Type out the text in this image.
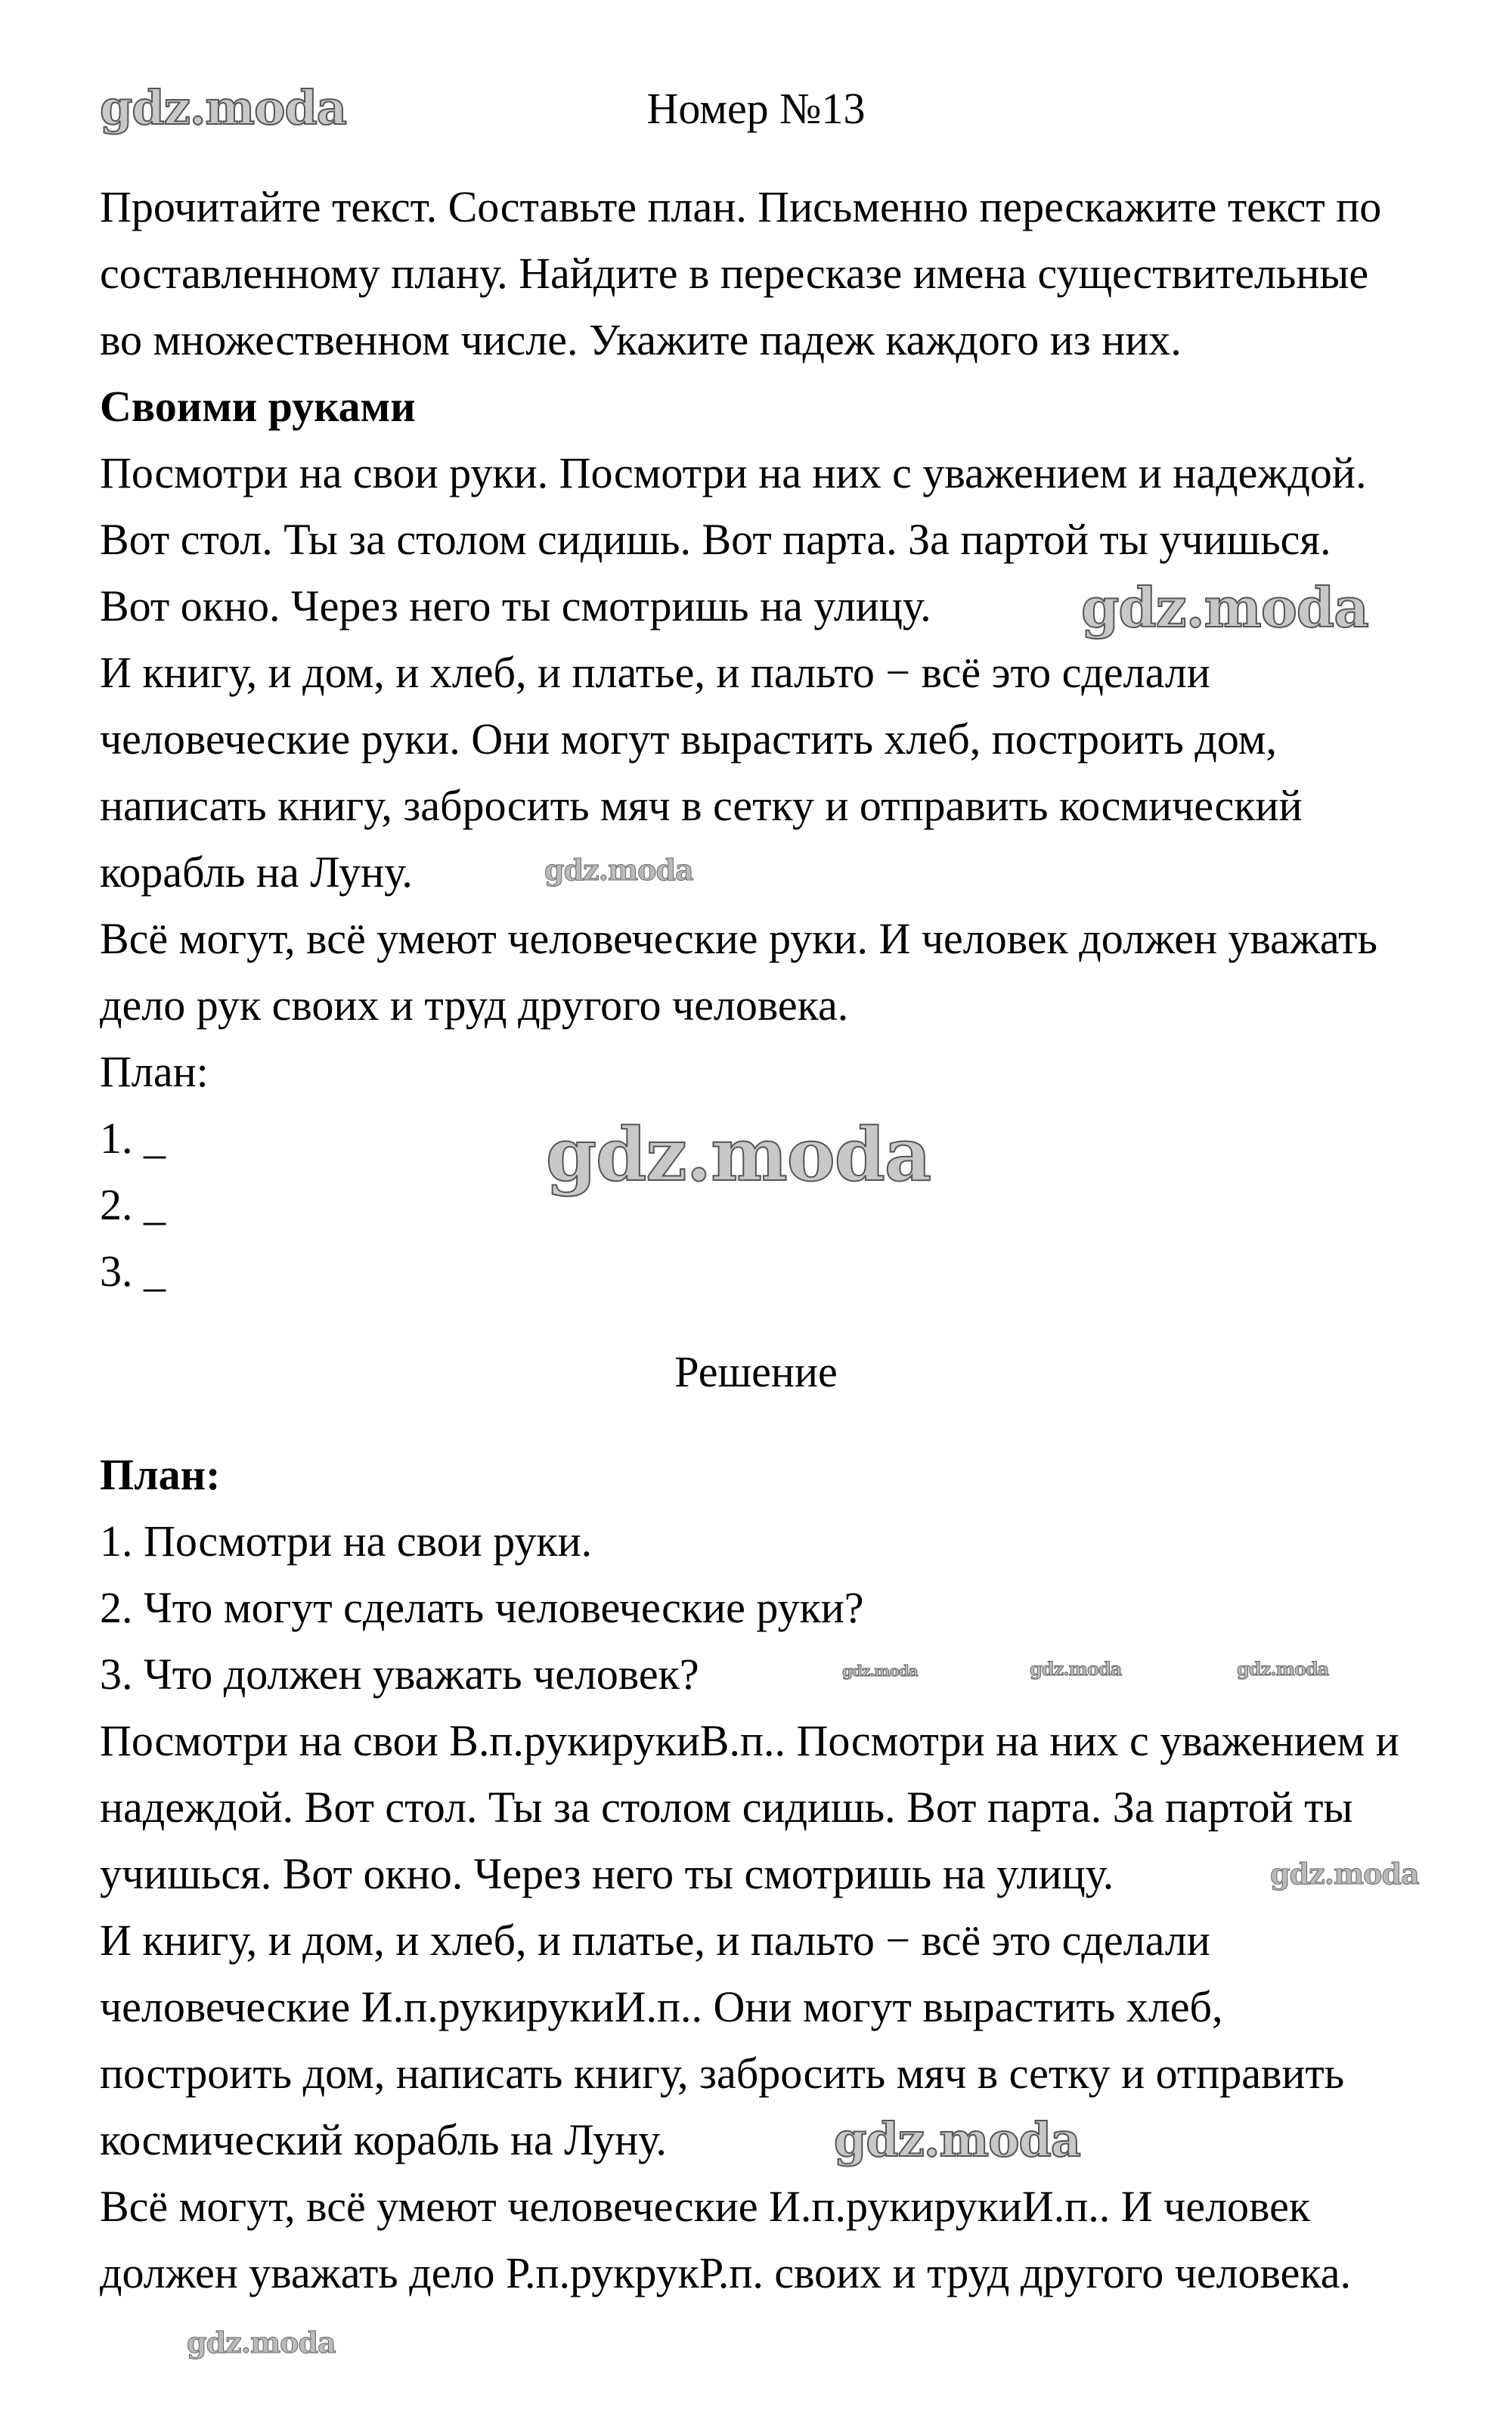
Номер №13
Прочитайте текст. Составьте план. Письменно перескажите текст по
составленному плану. Найдите в пересказе имена существительные
во множественном числе. Укажите падеж каждого из них.
Своими руками
Посмотри на свои руки. Посмотри на них с уважением и надеждой.
Вот стол. Ты за столом сидишь. Вот парта. За партой ты учишься.
Вот окно. Через него ты смотришь на улицу.
И книгу, и дом, и хлеб, и платье, и пальто − всё это сделали
человеческие руки. Они могут вырастить хлеб, построить дом,
написать книгу, забросить мяч в сетку и отправить космический
корабль на Луну.
Всё могут, всё умеют человеческие руки. И человек должен уважать
дело рук своих и труд другого человека.
План:
1. _
2. _
3. _
Решение
План:
1. Посмотри на свои руки.
2. Что могут сделать человеческие руки?
3. Что должен уважать человек?
Посмотри на свои В.п.рукирукиВ.п.. Посмотри на них с уважением и
надеждой. Вот стол. Ты за столом сидишь. Вот парта. За партой ты
учишься. Вот окно. Через него ты смотришь на улицу.
И книгу, и дом, и хлеб, и платье, и пальто − всё это сделали
человеческие И.п.рукирукиИ.п.. Они могут вырастить хлеб,
построить дом, написать книгу, забросить мяч в сетку и отправить
космический корабль на Луну.
Всё могут, всё умеют человеческие И.п.рукирукиИ.п.. И человек
должен уважать дело Р.п.рукрукР.п. своих и труд другого человека.
gdz.moda
gdz.moda
gdz.moda
gdz.moda
gdz.moda	gdz.moda	gdz.moda
gdz.moda
gdz.moda
gdz.moda
